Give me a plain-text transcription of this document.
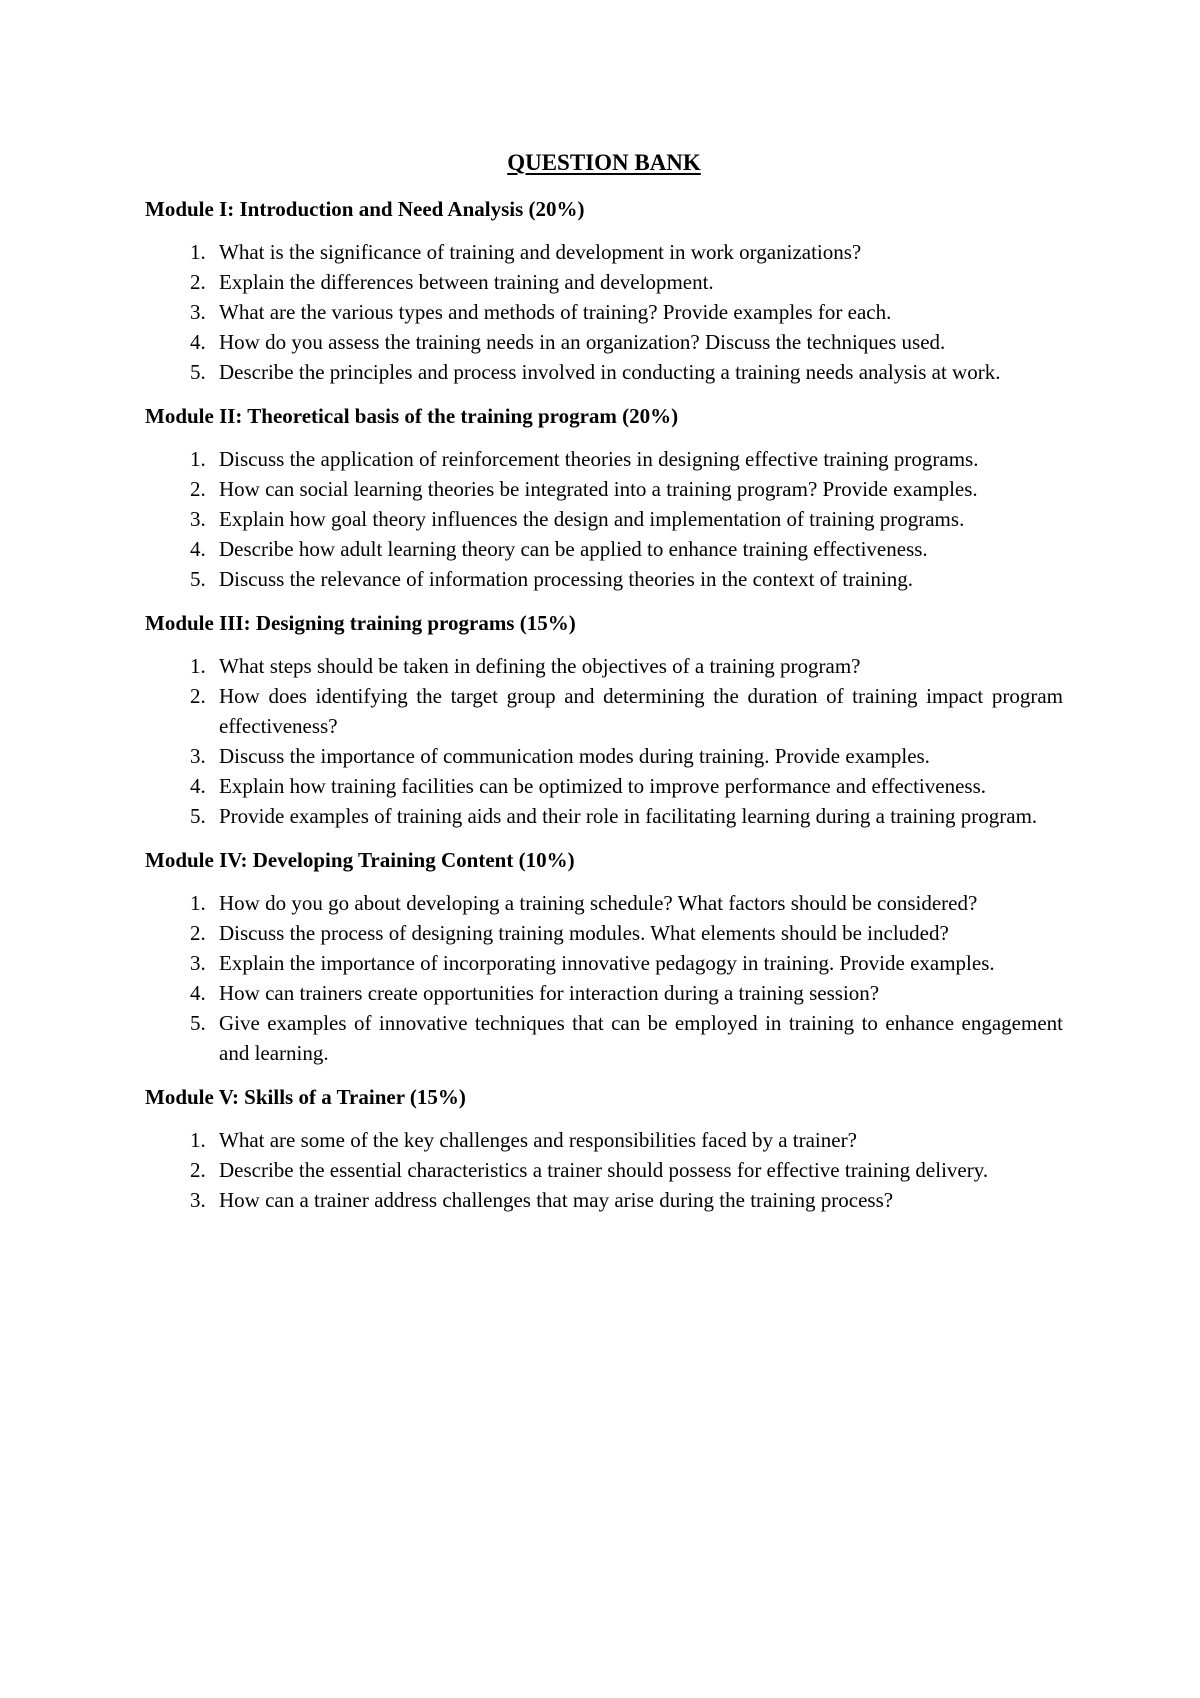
QUESTION BANK
Module I: Introduction and Need Analysis (20%)
1. What is the significance of training and development in work organizations?
2. Explain the differences between training and development.
3. What are the various types and methods of training? Provide examples for each.
4. How do you assess the training needs in an organization? Discuss the techniques used.
5. Describe the principles and process involved in conducting a training needs analysis at work.
Module II: Theoretical basis of the training program (20%)
1. Discuss the application of reinforcement theories in designing effective training programs.
2. How can social learning theories be integrated into a training program? Provide examples.
3. Explain how goal theory influences the design and implementation of training programs.
4. Describe how adult learning theory can be applied to enhance training effectiveness.
5. Discuss the relevance of information processing theories in the context of training.
Module III: Designing training programs (15%)
1. What steps should be taken in defining the objectives of a training program?
2. How does identifying the target group and determining the duration of training impact program effectiveness?
3. Discuss the importance of communication modes during training. Provide examples.
4. Explain how training facilities can be optimized to improve performance and effectiveness.
5. Provide examples of training aids and their role in facilitating learning during a training program.
Module IV: Developing Training Content (10%)
1. How do you go about developing a training schedule? What factors should be considered?
2. Discuss the process of designing training modules. What elements should be included?
3. Explain the importance of incorporating innovative pedagogy in training. Provide examples.
4. How can trainers create opportunities for interaction during a training session?
5. Give examples of innovative techniques that can be employed in training to enhance engagement and learning.
Module V: Skills of a Trainer (15%)
1. What are some of the key challenges and responsibilities faced by a trainer?
2. Describe the essential characteristics a trainer should possess for effective training delivery.
3. How can a trainer address challenges that may arise during the training process?
